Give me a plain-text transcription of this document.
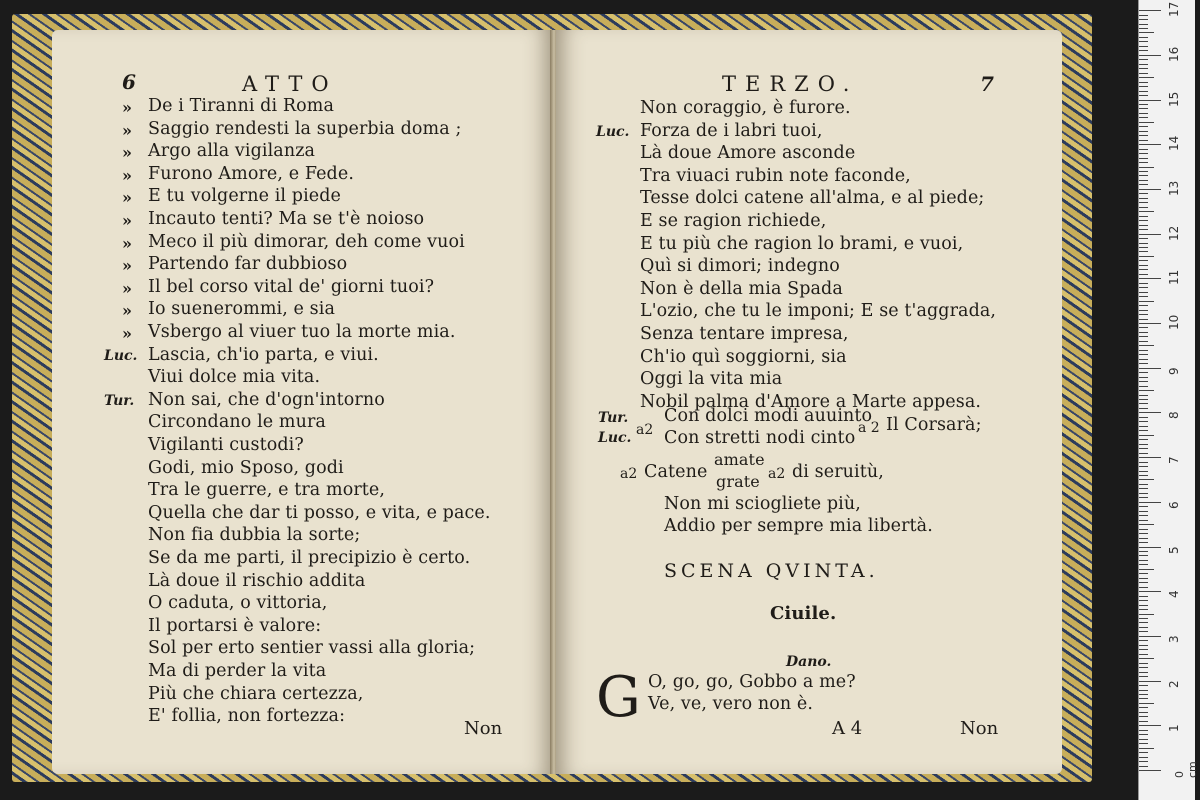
6	ATTO
» De i Tiranni di Roma
» Saggio rendesti la superbia doma ;
» Argo alla vigilanza
» Furono Amore, e Fede.
» E tu volgerne il piede
» Incauto tenti? Ma se t'è noioso
» Meco il più dimorar, deh come vuoi
» Partendo far dubbioso
» Il bel corso vital de' giorni tuoi?
» Io suenerommi, e sia
» Vsbergo al viuer tuo la morte mia.
Luc. Lascia, ch'io parta, e viui.
Viui dolce mia vita.
Tur. Non sai, che d'ogn'intorno
Circondano le mura
Vigilanti custodi?
Godi, mio Sposo, godi
Tra le guerre, e tra morte,
Quella che dar ti posso, e vita, e pace.
Non fia dubbia la sorte;
Se da me parti, il precipizio è certo.
Là doue il rischio addita
O caduta, o vittoria,
Il portarsi è valore:
Sol per erto sentier vassi alla gloria;
Ma di perder la vita
Più che chiara certezza,
E' follia, non fortezza:
Non
TERZO.	7
Non coraggio, è furore.
Luc. Forza de i labri tuoi,
Là doue Amore asconde
Tra viuaci rubin note faconde,
Tesse dolci catene all'alma, e al piede;
E se ragion richiede,
E tu più che ragion lo brami, e vuoi,
Quì si dimori; indegno
Non è della mia Spada
L'ozio, che tu le imponi; E se t'aggrada,
Senza tentare impresa,
Ch'io quì soggiorni, sia
Oggi la vita mia
Nobil palma d'Amore a Marte appesa.
Tur.
Luc. a2
Con dolci modi auuinto
Con stretti nodi cinto a 2 Il Corsarà;
a2 Catene
amate
grate a2 di seruitù,
Non mi sciogliete più,
Addio per sempre mia libertà.
SCENA QVINTA.
Ciuile.
Dano.
G O, go, go, Gobbo a me?
Ve, ve, vero non è.
A 4	Non	1
2
3
4
5
6
7
8
9
10
11
12
13
14
15
16
17
0 cm
